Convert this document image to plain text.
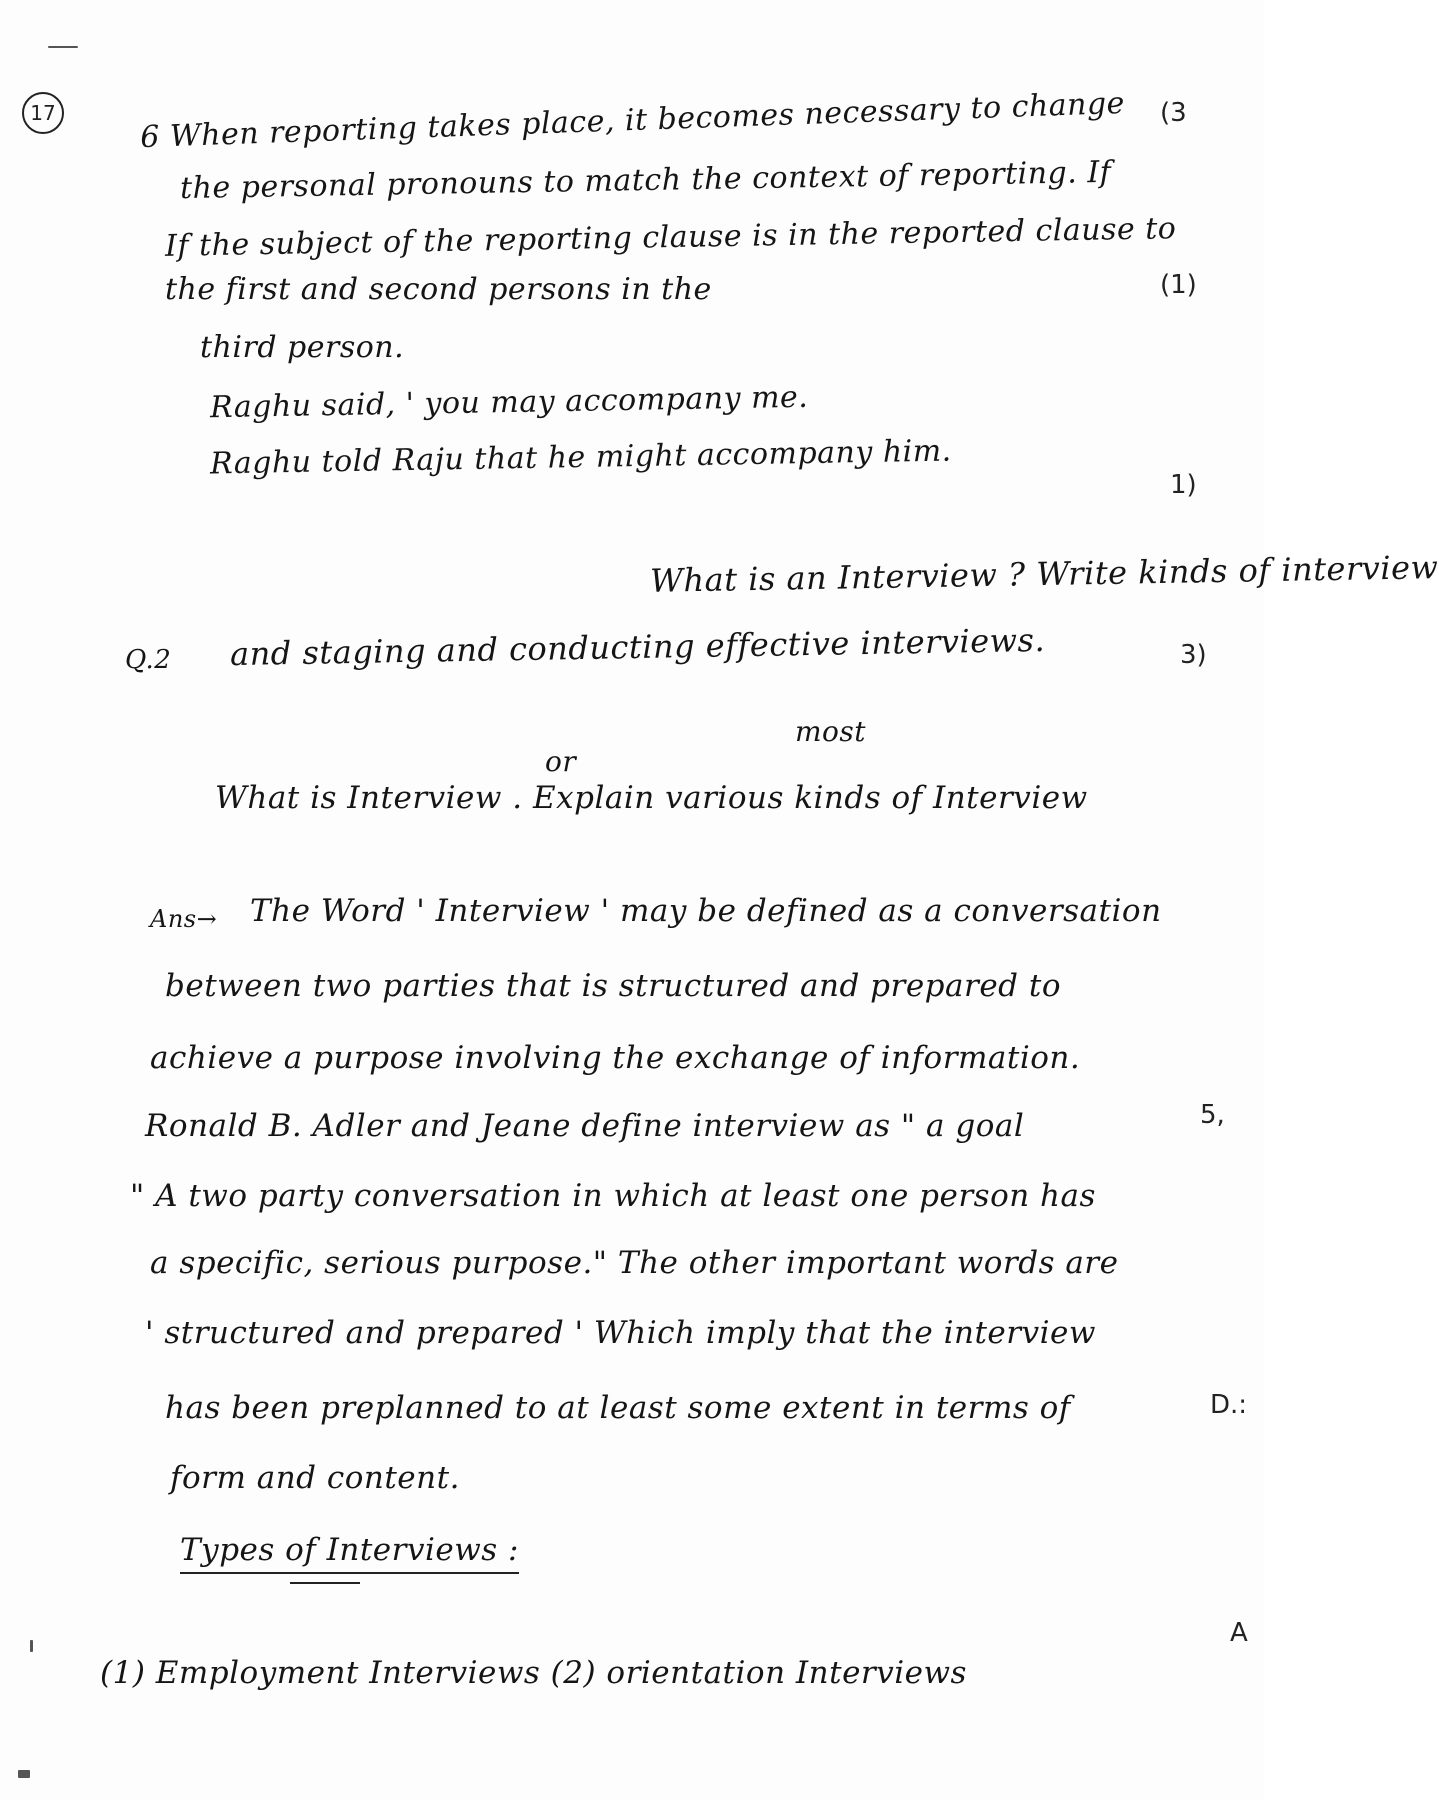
17	6 When reporting takes place, it becomes necessary to change (3
the personal pronouns to match the context of reporting. If
If the subject of the reporting clause is in the reported clause to
the first and second persons in the	(1)
third person.
Raghu said, ' you may accompany me.
Raghu told Raju that he might accompany him.
1)
What is an Interview ? Write kinds of interview
Q.2 and staging and conducting effective interviews.	3)
or
most
What is Interview . Explain various kinds of Interview
Ans→ The Word ' Interview ' may be defined as a conversation
between two parties that is structured and prepared to
achieve a purpose involving the exchange of information.
Ronald B. Adler and Jeane define interview as " a goal	5,
" A two party conversation in which at least one person has
a specific, serious purpose." The other important words are
' structured and prepared ' Which imply that the interview
has been preplanned to at least some extent in terms of	D.:
form and content.
Types of Interviews :
A
(1) Employment Interviews (2) orientation Interviews
